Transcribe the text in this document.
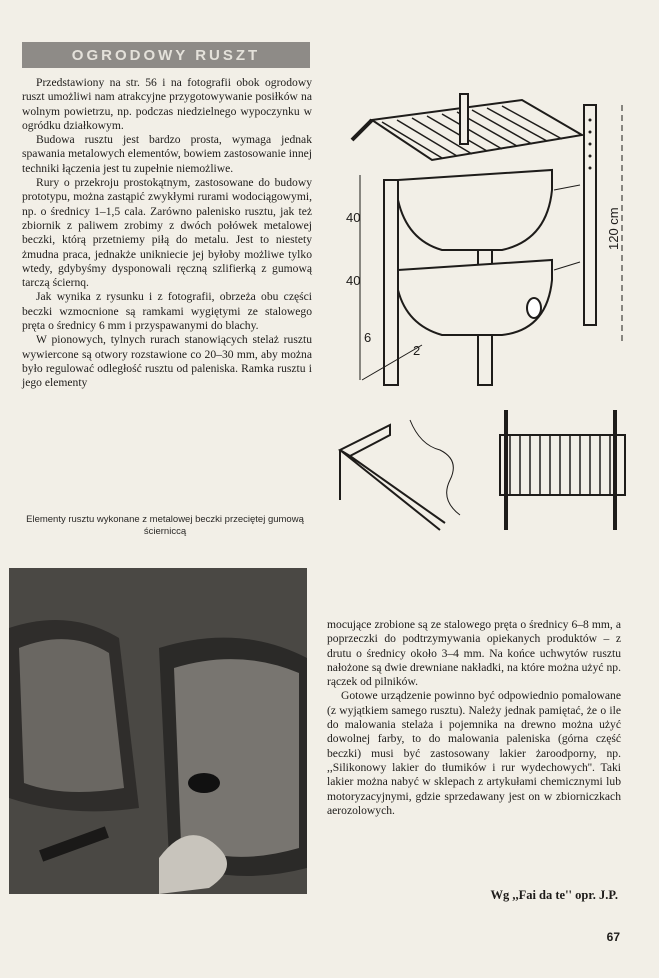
OGRODOWY RUSZT

Przedstawiony na str. 56 i na fotografii obok ogrodowy ruszt umożliwi nam atrakcyjne przygotowywanie posiłków na wolnym powietrzu, np. podczas niedzielnego wypoczynku w ogródku działkowym.

Budowa rusztu jest bardzo prosta, wymaga jednak spawania metalowych elementów, bowiem zastosowanie innej techniki łączenia jest tu zupełnie niemożliwe.

Rury o przekroju prostokątnym, zastosowane do budowy prototypu, można zastąpić zwykłymi rurami wodociągowymi, np. o średnicy 1–1,5 cala. Zarówno palenisko rusztu, jak też zbiornik z paliwem zrobimy z dwóch połówek metalowej beczki, którą przetniemy piłą do metalu. Jest to niestety żmudna praca, jednakże unikniecie jej byłoby możliwe tylko wtedy, gdybyśmy dysponowali ręczną szlifierką z gumową tarczą ściernq.

Jak wynika z rysunku i z fotografii, obrzeża obu części beczki wzmocnione są ramkami wygiętymi ze stalowego pręta o średnicy 6 mm i przyspawanymi do blachy.

W pionowych, tylnych rurach stanowiących stelaż rusztu wywiercone są otwory rozstawione co 20–30 mm, aby można było regulować odległość rusztu od paleniska. Ramka rusztu i jego elementy

40
40
120 cm
6
2
Elementy rusztu wykonane z metalowej beczki przeciętej gumową ścierniccą

mocujące zrobione są ze stalowego pręta o średnicy 6–8 mm, a poprzeczki do podtrzymywania opiekanych produktów – z drutu o średnicy około 3–4 mm. Na końce uchwytów rusztu nałożone są dwie drewniane nakładki, na które można użyć np. rączek od pilników.

Gotowe urządzenie powinno być odpowiednio pomalowane (z wyjątkiem samego rusztu). Należy jednak pamiętać, że o ile do malowania stelaża i pojemnika na drewno można użyć dowolnej farby, to do malowania paleniska (górna część beczki) musi być zastosowany lakier żaroodporny, np. ,,Silikonowy lakier do tłumików i rur wydechowych''. Taki lakier można nabyć w sklepach z artykułami chemicznymi lub motoryzacyjnymi, gdzie sprzedawany jest on w zbiorniczkach aerozolowych.

Wg ,,Fai da te'' opr. J.P.
67
